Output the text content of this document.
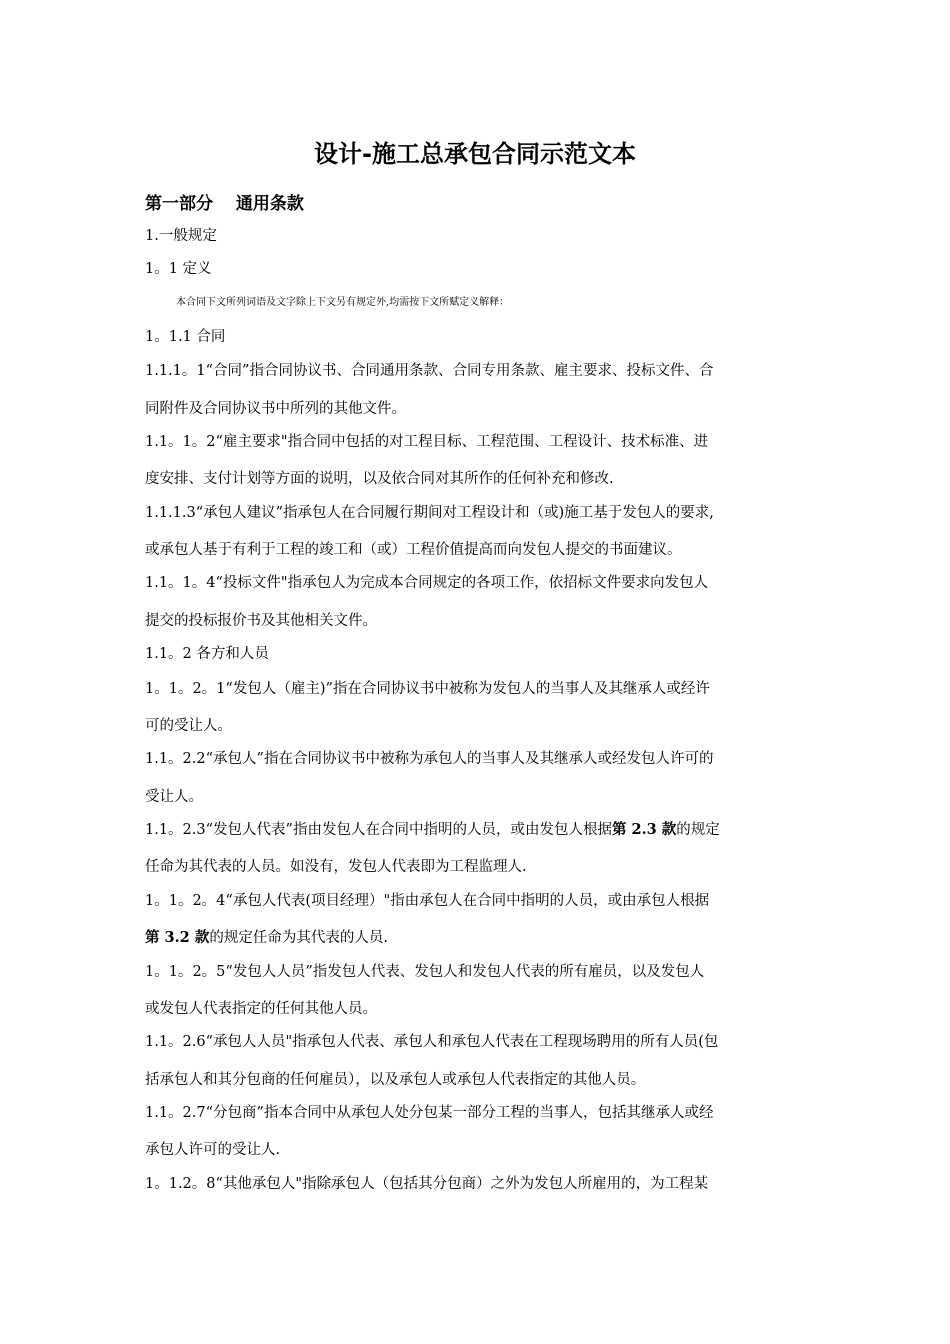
设计-施工总承包合同示范文本
第一部分　 通用条款
1.一般规定
1。1 定义
本合同下文所列词语及文字除上下文另有规定外,均需按下文所赋定义解释：
1。1.1 合同
1.1.1。1“合同”指合同协议书、合同通用条款、合同专用条款、雇主要求、投标文件、合
同附件及合同协议书中所列的其他文件。
1.1。1。2“雇主要求"指合同中包括的对工程目标、工程范围、工程设计、技术标准、进
度安排、支付计划等方面的说明，以及依合同对其所作的任何补充和修改.
1.1.1.3“承包人建议”指承包人在合同履行期间对工程设计和（或)施工基于发包人的要求,
或承包人基于有利于工程的竣工和（或）工程价值提高而向发包人提交的书面建议。
1.1。1。4“投标文件"指承包人为完成本合同规定的各项工作，依招标文件要求向发包人
提交的投标报价书及其他相关文件。
1.1。2 各方和人员
1。1。2。1“发包人（雇主)”指在合同协议书中被称为发包人的当事人及其继承人或经许
可的受让人。
1.1。2.2“承包人”指在合同协议书中被称为承包人的当事人及其继承人或经发包人许可的
受让人。
1.1。2.3“发包人代表”指由发包人在合同中指明的人员，或由发包人根据第 2.3 款的规定
任命为其代表的人员。如没有，发包人代表即为工程监理人.
1。1。2。4“承包人代表(项目经理）"指由承包人在合同中指明的人员，或由承包人根据
第 3.2 款的规定任命为其代表的人员.
1。1。2。5“发包人人员”指发包人代表、发包人和发包人代表的所有雇员，以及发包人
或发包人代表指定的任何其他人员。
1.1。2.6“承包人人员"指承包人代表、承包人和承包人代表在工程现场聘用的所有人员(包
括承包人和其分包商的任何雇员），以及承包人或承包人代表指定的其他人员。
1.1。2.7“分包商”指本合同中从承包人处分包某一部分工程的当事人，包括其继承人或经
承包人许可的受让人.
1。1.2。8“其他承包人"指除承包人（包括其分包商）之外为发包人所雇用的，为工程某
